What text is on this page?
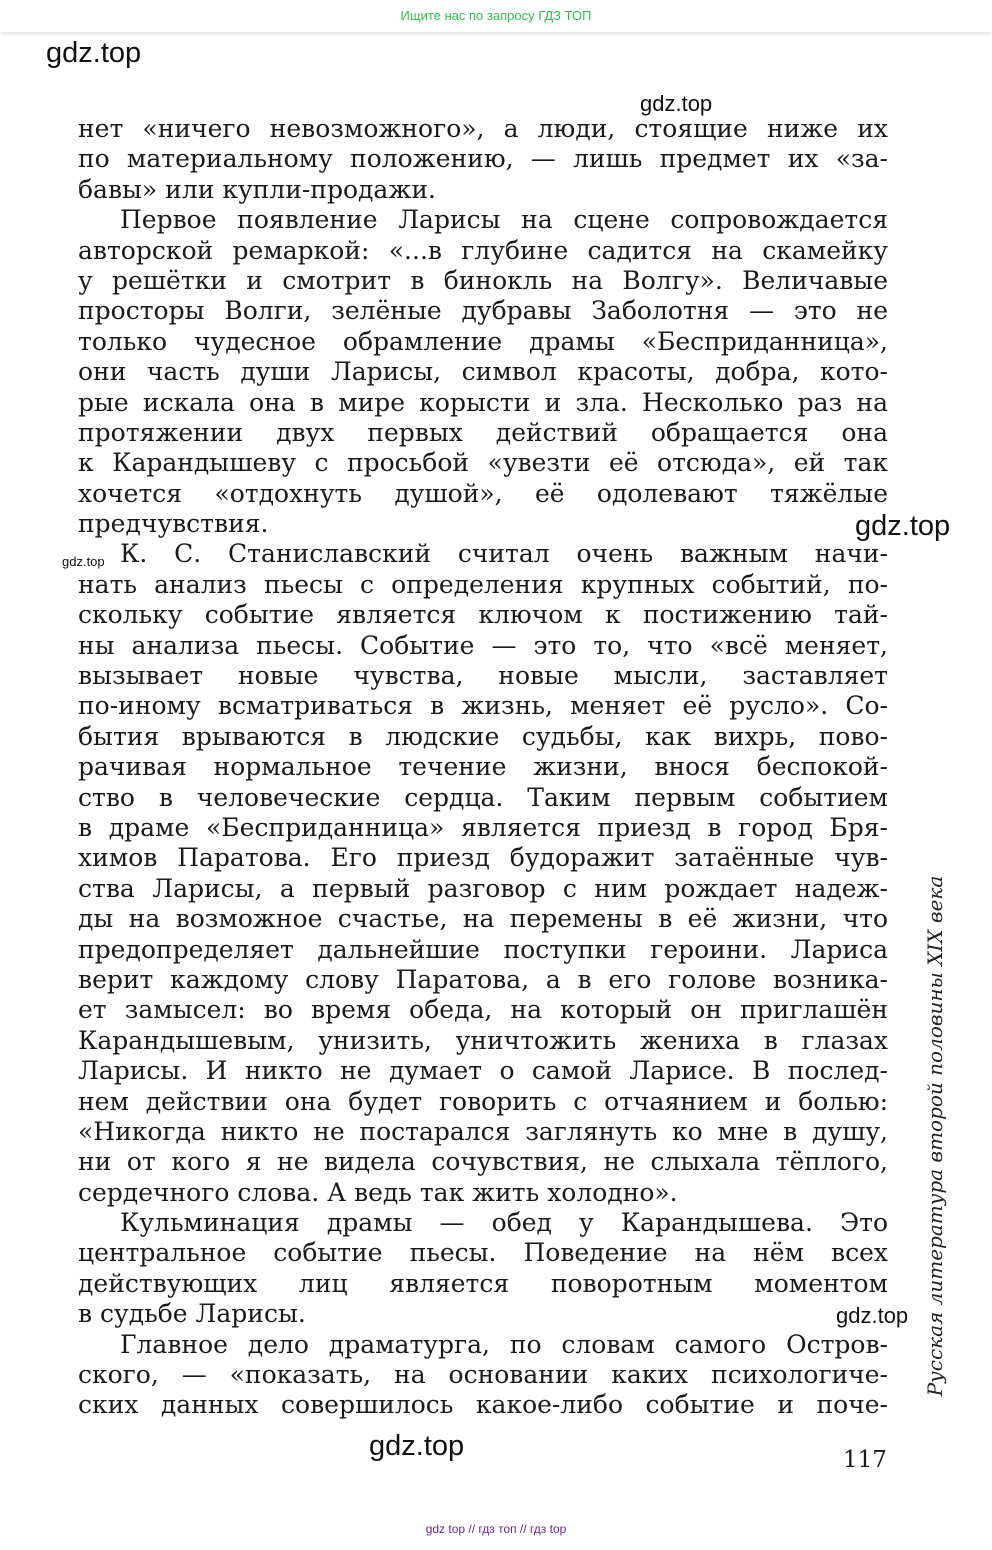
Ищите нас по запросу ГДЗ ТОП
gdz.top
gdz.top
gdz.top
gdz.top
gdz.top
gdz.top
нет «ничего невозможного», а люди, стоящие ниже их
по материальному положению, — лишь предмет их «за-
бавы» или купли-продажи.
Первое появление Ларисы на сцене сопровождается
авторской ремаркой: «...в глубине садится на скамейку
у решётки и смотрит в бинокль на Волгу». Величавые
просторы Волги, зелёные дубравы Заболотня — это не
только чудесное обрамление драмы «Бесприданница»,
они часть души Ларисы, символ красоты, добра, кото-
рые искала она в мире корысти и зла. Несколько раз на
протяжении двух первых действий обращается она
к Карандышеву с просьбой «увезти её отсюда», ей так
хочется «отдохнуть душой», её одолевают тяжёлые
предчувствия.
К. С. Станиславский считал очень важным начи-
нать анализ пьесы с определения крупных событий, по-
скольку событие является ключом к постижению тай-
ны анализа пьесы. Событие — это то, что «всё меняет,
вызывает новые чувства, новые мысли, заставляет
по-иному всматриваться в жизнь, меняет её русло». Со-
бытия врываются в людские судьбы, как вихрь, пово-
рачивая нормальное течение жизни, внося беспокой-
ство в человеческие сердца. Таким первым событием
в драме «Бесприданница» является приезд в город Бря-
химов Паратова. Его приезд будоражит затаённые чув-
ства Ларисы, а первый разговор с ним рождает надеж-
ды на возможное счастье, на перемены в её жизни, что
предопределяет дальнейшие поступки героини. Лариса
верит каждому слову Паратова, а в его голове возника-
ет замысел: во время обеда, на который он приглашён
Карандышевым, унизить, уничтожить жениха в глазах
Ларисы. И никто не думает о самой Ларисе. В послед-
нем действии она будет говорить с отчаянием и болью:
«Никогда никто не постарался заглянуть ко мне в душу,
ни от кого я не видела сочувствия, не слыхала тёплого,
сердечного слова. А ведь так жить холодно».
Кульминация драмы — обед у Карандышева. Это
центральное событие пьесы. Поведение на нём всех
действующих лиц является поворотным моментом
в судьбе Ларисы.
Главное дело драматурга, по словам самого Остров-
ского, — «показать, на основании каких психологиче-
ских данных совершилось какое-либо событие и поче-
Русская литература второй половины XIX века
117
gdz top // гдз топ // гдз top
